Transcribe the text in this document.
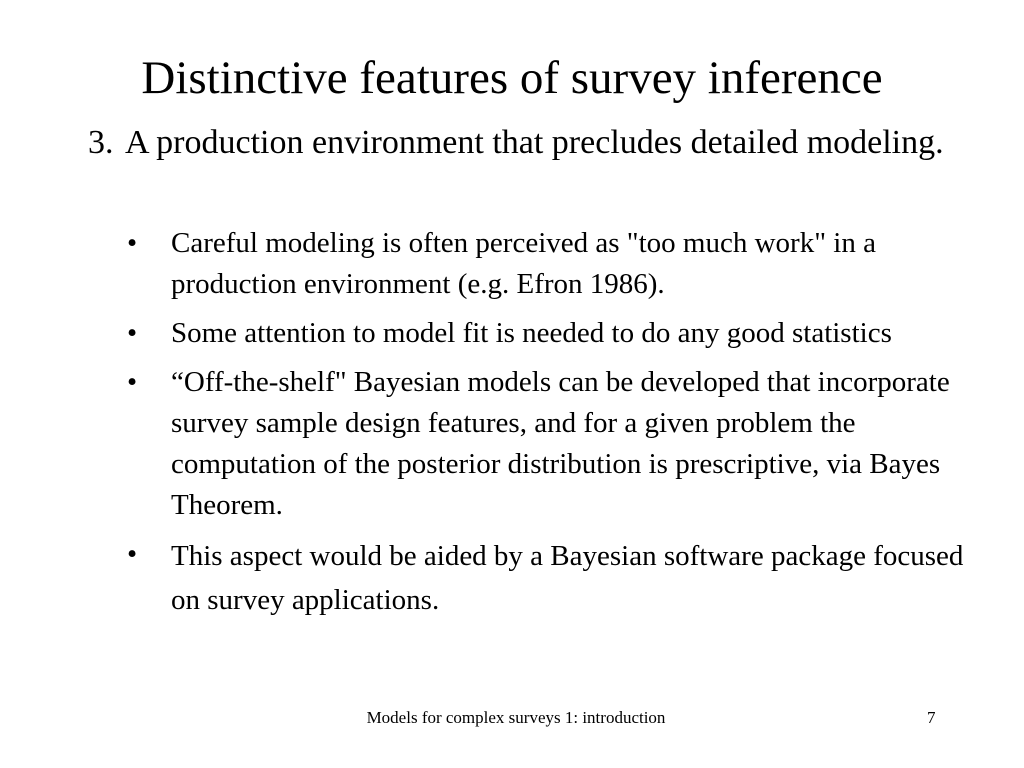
Distinctive features of survey inference
3. A production environment that precludes detailed modeling.
•	Careful modeling is often perceived as "too much work" in a production environment (e.g. Efron 1986).
•	Some attention to model fit is needed to do any good statistics
•	“Off-the-shelf" Bayesian models can be developed that incorporate survey sample design features, and for a given problem the computation of the posterior distribution is prescriptive, via Bayes Theorem.
•	This aspect would be aided by a Bayesian software package focused on survey applications.
Models for complex surveys 1: introduction	7
